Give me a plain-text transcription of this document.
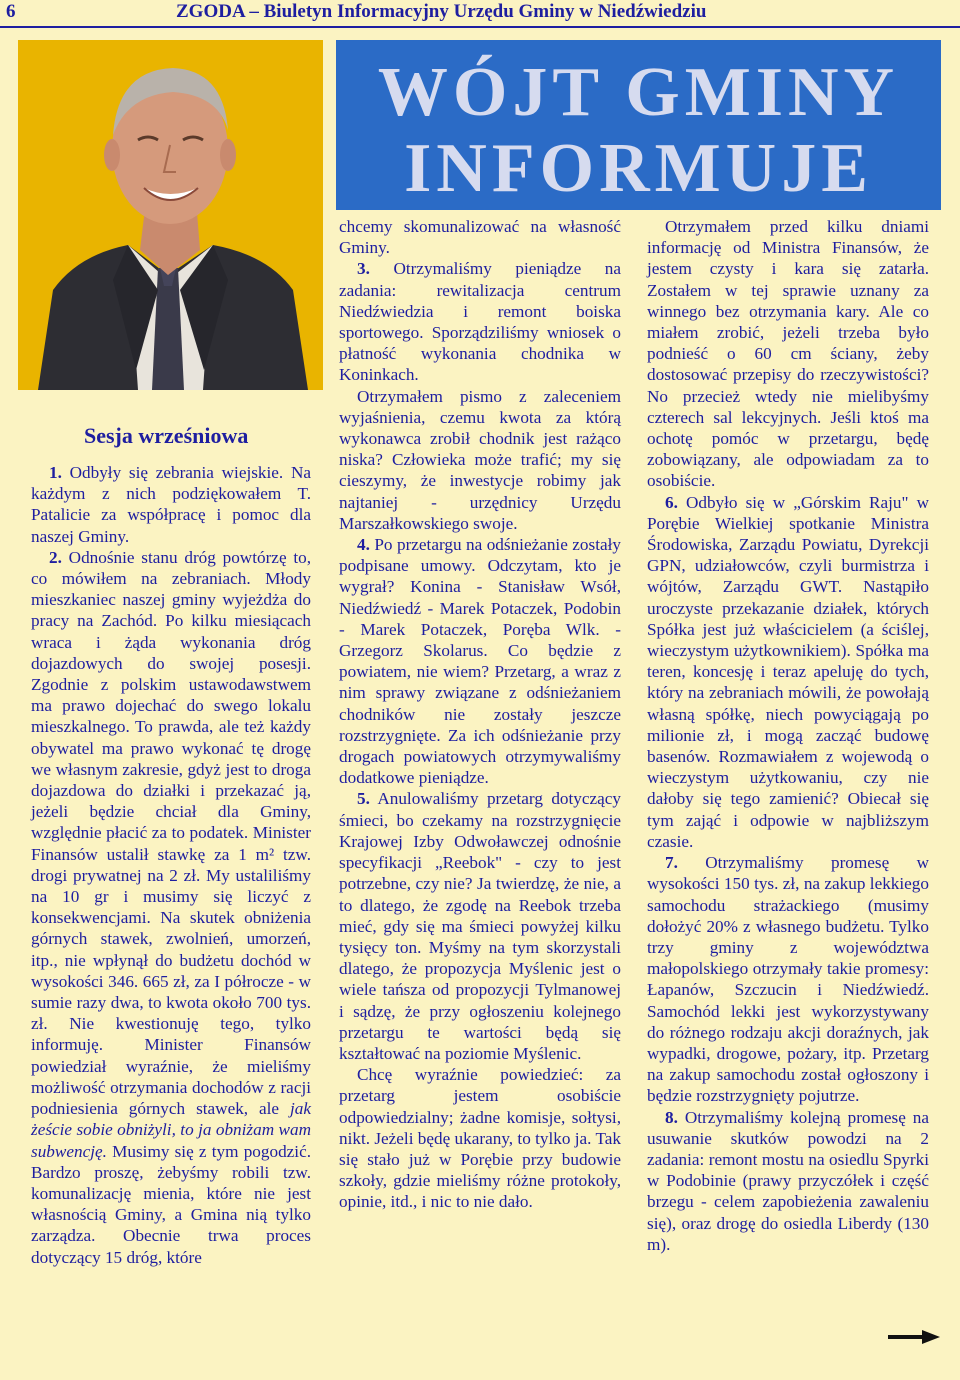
6	ZGODA – Biuletyn Informacyjny Urzędu Gminy w Niedźwiedziu
WÓJT GMINY
INFORMUJE
Sesja wrześniowa

1. Odbyły się zebrania wiejskie. Na każdym z nich podziękowałem T. Patalicie za współpracę i pomoc dla naszej Gminy.

2. Odnośnie stanu dróg powtórzę to, co mówiłem na zebraniach. Młody mieszkaniec naszej gminy wyjeżdża do pracy na Zachód. Po kilku miesiącach wraca i żąda wykonania dróg dojazdowych do swojej posesji. Zgodnie z polskim ustawodawstwem ma prawo dojechać do swego lokalu mieszkalnego. To prawda, ale też każdy obywatel ma prawo wykonać tę drogę we własnym zakresie, gdyż jest to droga dojazdowa do działki i przekazać ją, jeżeli będzie chciał dla Gminy, względnie płacić za to podatek. Minister Finansów ustalił stawkę za 1 m² tzw. drogi prywatnej na 2 zł. My ustaliliśmy na 10 gr i musimy się liczyć z konsekwencjami. Na skutek obniżenia górnych stawek, zwolnień, umorzeń, itp., nie wpłynął do budżetu dochód w wysokości 346. 665 zł, za I półrocze - w sumie razy dwa, to kwota około 700 tys. zł. Nie kwestionuję tego, tylko informuję. Minister Finansów powiedział wyraźnie, że mieliśmy możliwość otrzymania dochodów z racji podniesienia górnych stawek, ale jak żeście sobie obniżyli, to ja obniżam wam subwencję. Musimy się z tym pogodzić. Bardzo proszę, żebyśmy robili tzw. komunalizację mienia, które nie jest własnością Gminy, a Gmina nią tylko zarządza. Obecnie trwa proces dotyczący 15 dróg, które

chcemy skomunalizować na własność Gminy.

3. Otrzymaliśmy pieniądze na zadania: rewitalizacja centrum Niedźwiedzia i remont boiska sportowego. Sporządziliśmy wniosek o płatność wykonania chodnika w Koninkach.

Otrzymałem pismo z zaleceniem wyjaśnienia, czemu kwota za którą wykonawca zrobił chodnik jest rażąco niska? Człowieka może trafić; my się cieszymy, że inwestycje robimy jak najtaniej - urzędnicy Urzędu Marszałkowskiego swoje.

4. Po przetargu na odśnieżanie zostały podpisane umowy. Odczytam, kto je wygrał? Konina - Stanisław Wsół, Niedźwiedź - Marek Potaczek, Podobin - Marek Potaczek, Poręba Wlk. - Grzegorz Skolarus. Co będzie z powiatem, nie wiem? Przetarg, a wraz z nim sprawy związane z odśnieżaniem chodników nie zostały jeszcze rozstrzygnięte. Za ich odśnieżanie przy drogach powiatowych otrzymywaliśmy dodatkowe pieniądze.

5. Anulowaliśmy przetarg dotyczący śmieci, bo czekamy na rozstrzygnięcie Krajowej Izby Odwoławczej odnośnie specyfikacji „Reebok" - czy to jest potrzebne, czy nie? Ja twierdzę, że nie, a to dlatego, że zgodę na Reebok trzeba mieć, gdy się ma śmieci powyżej kilku tysięcy ton. Myśmy na tym skorzystali dlatego, że propozycja Myślenic jest o wiele tańsza od propozycji Tylmanowej i sądzę, że przy ogłoszeniu kolejnego przetargu te wartości będą się kształtować na poziomie Myślenic.

Chcę wyraźnie powiedzieć: za przetarg jestem osobiście odpowiedzialny; żadne komisje, sołtysi, nikt. Jeżeli będę ukarany, to tylko ja. Tak się stało już w Porębie przy budowie szkoły, gdzie mieliśmy różne protokoły, opinie, itd., i nic to nie dało.

Otrzymałem przed kilku dniami informację od Ministra Finansów, że jestem czysty i kara się zatarła. Zostałem w tej sprawie uznany za winnego bez otrzymania kary. Ale co miałem zrobić, jeżeli trzeba było podnieść o 60 cm ściany, żeby dostosować przepisy do rzeczywistości? No przecież wtedy nie mielibyśmy czterech sal lekcyjnych. Jeśli ktoś ma ochotę pomóc w przetargu, będę zobowiązany, ale odpowiadam za to osobiście.

6. Odbyło się w „Górskim Raju" w Porębie Wielkiej spotkanie Ministra Środowiska, Zarządu Powiatu, Dyrekcji GPN, udziałowców, czyli burmistrza i wójtów, Zarządu GWT. Nastąpiło uroczyste przekazanie działek, których Spółka jest już właścicielem (a ściślej, wieczystym użytkownikiem). Spółka ma teren, koncesję i teraz apeluję do tych, który na zebraniach mówili, że powołają własną spółkę, niech powyciągają po milionie zł, i mogą zacząć budowę basenów. Rozmawiałem z wojewodą o wieczystym użytkowaniu, czy nie dałoby się tego zamienić? Obiecał się tym zająć i odpowie w najbliższym czasie.

7. Otrzymaliśmy promesę w wysokości 150 tys. zł, na zakup lekkiego samochodu strażackiego (musimy dołożyć 20% z własnego budżetu. Tylko trzy gminy z województwa małopolskiego otrzymały takie promesy: Łapanów, Szczucin i Niedźwiedź. Samochód lekki jest wykorzystywany do różnego rodzaju akcji doraźnych, jak wypadki, drogowe, pożary, itp. Przetarg na zakup samochodu został ogłoszony i będzie rozstrzygnięty pojutrze.

8. Otrzymaliśmy kolejną promesę na usuwanie skutków powodzi na 2 zadania: remont mostu na osiedlu Spyrki w Podobinie (prawy przyczółek i część brzegu - celem zapobieżenia zawaleniu się), oraz drogę do osiedla Liberdy (130 m).
